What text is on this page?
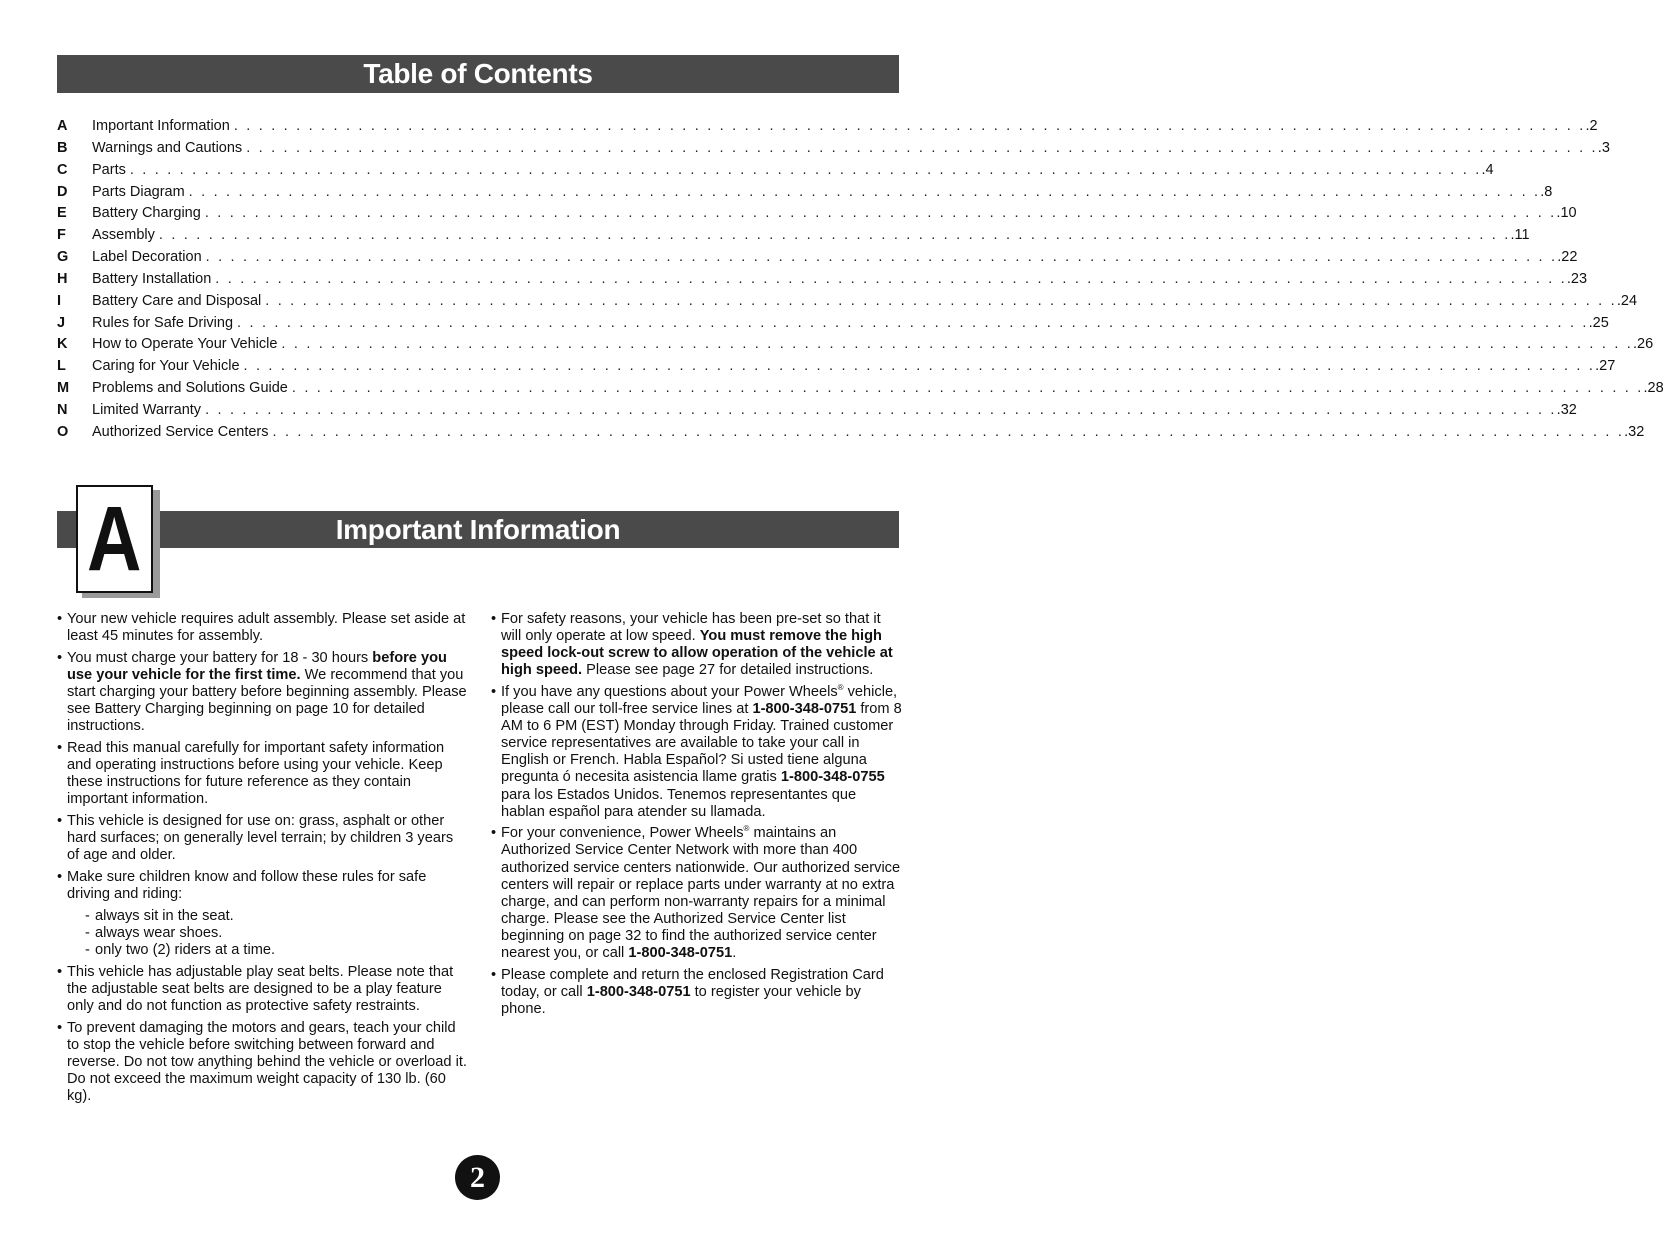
Table of Contents
A	Important Information . . . . . . . . . . . . . . . . . . . . . . . . . . . . . . . . . . . . . . . . . . . . . . . . . . . . . . . . . . . . . . . . . . . . . . . . . . . . . . . . . . . . . . . . . . . . . . . . . . . . . . . . . . . . . .2
B	Warnings and Cautions . . . . . . . . . . . . . . . . . . . . . . . . . . . . . . . . . . . . . . . . . . . . . . . . . . . . . . . . . . . . . . . . . . . . . . . . . . . . . . . . . . . . . . . . . . . . . . . . . . . . . . . . . . . . . .3
C	Parts . . . . . . . . . . . . . . . . . . . . . . . . . . . . . . . . . . . . . . . . . . . . . . . . . . . . . . . . . . . . . . . . . . . . . . . . . . . . . . . . . . . . . . . . . . . . . . . . . . . . . . . . . . . . . .4
D	Parts Diagram . . . . . . . . . . . . . . . . . . . . . . . . . . . . . . . . . . . . . . . . . . . . . . . . . . . . . . . . . . . . . . . . . . . . . . . . . . . . . . . . . . . . . . . . . . . . . . . . . . . . . . . . . . . . . .8
E	Battery Charging . . . . . . . . . . . . . . . . . . . . . . . . . . . . . . . . . . . . . . . . . . . . . . . . . . . . . . . . . . . . . . . . . . . . . . . . . . . . . . . . . . . . . . . . . . . . . . . . . . . . . . . . . . . . . .10
F	Assembly . . . . . . . . . . . . . . . . . . . . . . . . . . . . . . . . . . . . . . . . . . . . . . . . . . . . . . . . . . . . . . . . . . . . . . . . . . . . . . . . . . . . . . . . . . . . . . . . . . . . . . . . . . . . . .11
G	Label Decoration . . . . . . . . . . . . . . . . . . . . . . . . . . . . . . . . . . . . . . . . . . . . . . . . . . . . . . . . . . . . . . . . . . . . . . . . . . . . . . . . . . . . . . . . . . . . . . . . . . . . . . . . . . . . . .22
H	Battery Installation . . . . . . . . . . . . . . . . . . . . . . . . . . . . . . . . . . . . . . . . . . . . . . . . . . . . . . . . . . . . . . . . . . . . . . . . . . . . . . . . . . . . . . . . . . . . . . . . . . . . . . . . . . . . . .23
I	Battery Care and Disposal . . . . . . . . . . . . . . . . . . . . . . . . . . . . . . . . . . . . . . . . . . . . . . . . . . . . . . . . . . . . . . . . . . . . . . . . . . . . . . . . . . . . . . . . . . . . . . . . . . . . . . . . . . . . . .24
J	Rules for Safe Driving . . . . . . . . . . . . . . . . . . . . . . . . . . . . . . . . . . . . . . . . . . . . . . . . . . . . . . . . . . . . . . . . . . . . . . . . . . . . . . . . . . . . . . . . . . . . . . . . . . . . . . . . . . . . . .25
K	How to Operate Your Vehicle . . . . . . . . . . . . . . . . . . . . . . . . . . . . . . . . . . . . . . . . . . . . . . . . . . . . . . . . . . . . . . . . . . . . . . . . . . . . . . . . . . . . . . . . . . . . . . . . . . . . . . . . . . . . . .26
L	Caring for Your Vehicle . . . . . . . . . . . . . . . . . . . . . . . . . . . . . . . . . . . . . . . . . . . . . . . . . . . . . . . . . . . . . . . . . . . . . . . . . . . . . . . . . . . . . . . . . . . . . . . . . . . . . . . . . . . . . .27
M	Problems and Solutions Guide . . . . . . . . . . . . . . . . . . . . . . . . . . . . . . . . . . . . . . . . . . . . . . . . . . . . . . . . . . . . . . . . . . . . . . . . . . . . . . . . . . . . . . . . . . . . . . . . . . . . . . . . . . . . . .28
N	Limited Warranty . . . . . . . . . . . . . . . . . . . . . . . . . . . . . . . . . . . . . . . . . . . . . . . . . . . . . . . . . . . . . . . . . . . . . . . . . . . . . . . . . . . . . . . . . . . . . . . . . . . . . . . . . . . . . .32
O	Authorized Service Centers . . . . . . . . . . . . . . . . . . . . . . . . . . . . . . . . . . . . . . . . . . . . . . . . . . . . . . . . . . . . . . . . . . . . . . . . . . . . . . . . . . . . . . . . . . . . . . . . . . . . . . . . . . . . . .32
Important Information
A
• Your new vehicle requires adult assembly. Please set aside at least 45 minutes for assembly.
• You must charge your battery for 18 - 30 hours before you use your vehicle for the first time. We recommend that you start charging your battery before beginning assembly. Please see Battery Charging beginning on page 10 for detailed instructions.
• Read this manual carefully for important safety information and operating instructions before using your vehicle. Keep these instructions for future reference as they contain important information.
• This vehicle is designed for use on: grass, asphalt or other hard surfaces; on generally level terrain; by children 3 years of age and older.
• Make sure children know and follow these rules for safe driving and riding:
- always sit in the seat.
- always wear shoes.
- only two (2) riders at a time.
• This vehicle has adjustable play seat belts. Please note that the adjustable seat belts are designed to be a play feature only and do not function as protective safety restraints.
• To prevent damaging the motors and gears, teach your child to stop the vehicle before switching between forward and reverse. Do not tow anything behind the vehicle or overload it. Do not exceed the maximum weight capacity of 130 lb. (60 kg).
• For safety reasons, your vehicle has been pre-set so that it will only operate at low speed. You must remove the high speed lock-out screw to allow operation of the vehicle at high speed. Please see page 27 for detailed instructions.
• If you have any questions about your Power Wheels® vehicle, please call our toll-free service lines at 1-800-348-0751 from 8 AM to 6 PM (EST) Monday through Friday. Trained customer service representatives are available to take your call in English or French. Habla Español? Si usted tiene alguna pregunta ó necesita asistencia llame gratis 1-800-348-0755 para los Estados Unidos. Tenemos representantes que hablan español para atender su llamada.
• For your convenience, Power Wheels® maintains an Authorized Service Center Network with more than 400 authorized service centers nationwide. Our authorized service centers will repair or replace parts under warranty at no extra charge, and can perform non-warranty repairs for a minimal charge. Please see the Authorized Service Center list beginning on page 32 to find the authorized service center nearest you, or call 1-800-348-0751.
• Please complete and return the enclosed Registration Card today, or call 1-800-348-0751 to register your vehicle by phone.
2
